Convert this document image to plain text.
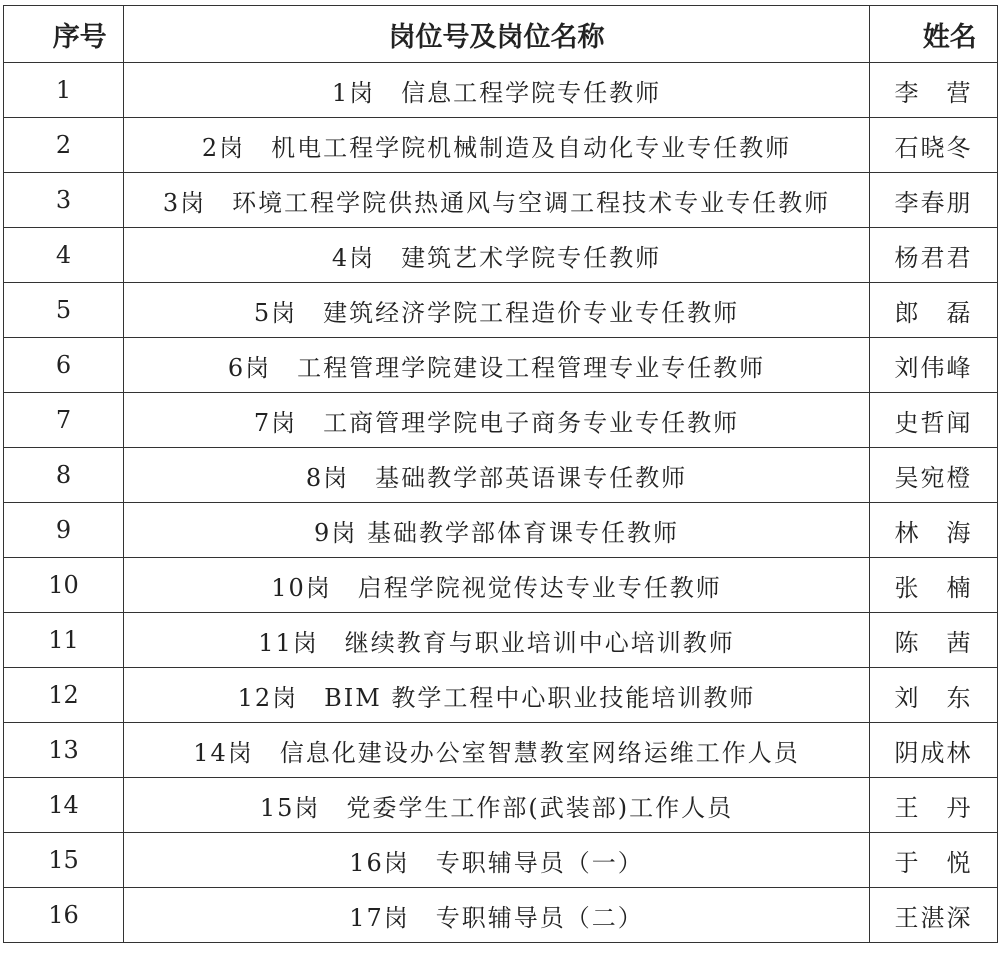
序号	岗位号及岗位名称	姓名
1	1岗　信息工程学院专任教师	李　营
2	2岗　机电工程学院机械制造及自动化专业专任教师	石晓冬
3	3岗　环境工程学院供热通风与空调工程技术专业专任教师	李春朋
4	4岗　建筑艺术学院专任教师	杨君君
5	5岗　建筑经济学院工程造价专业专任教师	郎　磊
6	6岗　工程管理学院建设工程管理专业专任教师	刘伟峰
7	7岗　工商管理学院电子商务专业专任教师	史哲闻
8	8岗　基础教学部英语课专任教师	吴宛橙
9	9岗 基础教学部体育课专任教师	林　海
10	10岗　启程学院视觉传达专业专任教师	张　楠
11	11岗　继续教育与职业培训中心培训教师	陈　茜
12	12岗　BIM 教学工程中心职业技能培训教师	刘　东
13	14岗　信息化建设办公室智慧教室网络运维工作人员	阴成林
14	15岗　党委学生工作部(武装部)工作人员	王　丹
15	16岗　专职辅导员（一）	于　悦
16	17岗　专职辅导员（二）	王湛深
